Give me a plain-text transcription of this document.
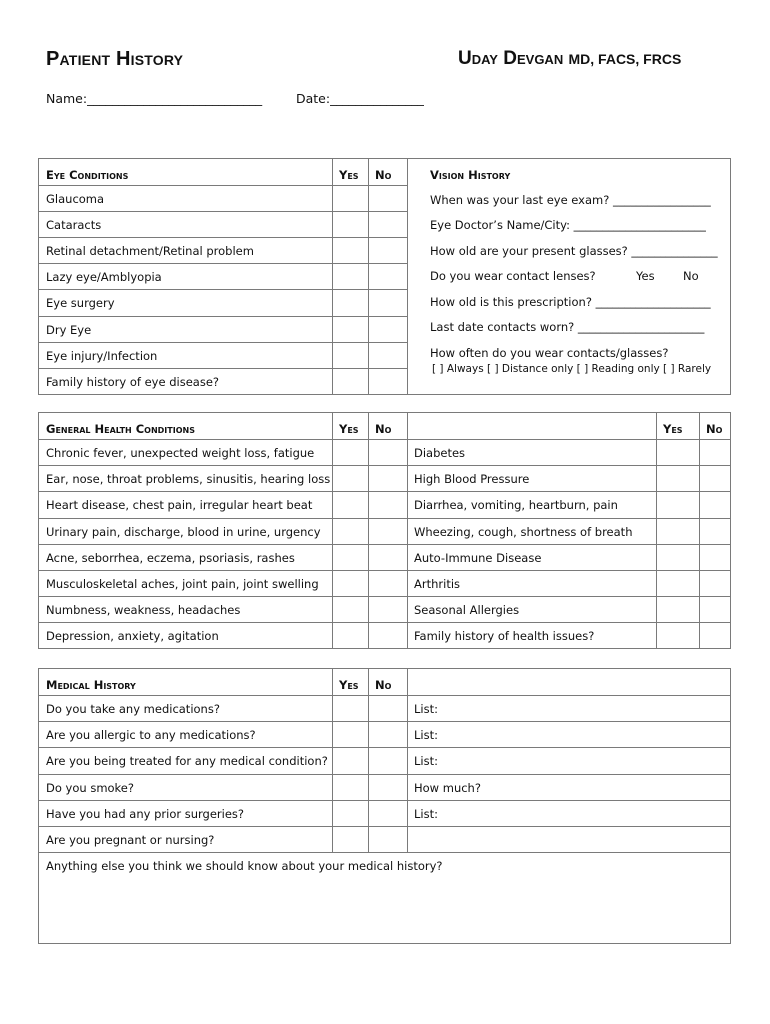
Patient History	Uday Devgan MD, FACS, FRCS
Name:____________________________	Date:_______________
Eye Conditions	Yes No	Vision History
Glaucoma
Cataracts
Retinal detachment/Retinal problem
Lazy eye/Amblyopia
Eye surgery
Dry Eye
Eye injury/Infection
Family history of eye disease?
When was your last eye exam? _________________
Eye Doctor’s Name/City: _______________________
How old are your present glasses? _______________
Do you wear contact lenses?
How old is this prescription? ____________________
Last date contacts worn? ______________________
How often do you wear contacts/glasses?
Yes No
[ ] Always [ ] Distance only [ ] Reading only [ ] Rarely
General Health Conditions	Yes No	Yes No
Chronic fever, unexpected weight loss, fatigue	Diabetes
Ear, nose, throat problems, sinusitis, hearing loss	High Blood Pressure
Heart disease, chest pain, irregular heart beat	Diarrhea, vomiting, heartburn, pain
Urinary pain, discharge, blood in urine, urgency	Wheezing, cough, shortness of breath
Acne, seborrhea, eczema, psoriasis, rashes	Auto-Immune Disease
Musculoskeletal aches, joint pain, joint swelling	Arthritis
Numbness, weakness, headaches	Seasonal Allergies
Depression, anxiety, agitation	Family history of health issues?
Medical History	Yes No
Do you take any medications?	List:
Are you allergic to any medications?	List:
Are you being treated for any medical condition?	List:
Do you smoke?	How much?
Have you had any prior surgeries?	List:
Are you pregnant or nursing?
Anything else you think we should know about your medical history?
